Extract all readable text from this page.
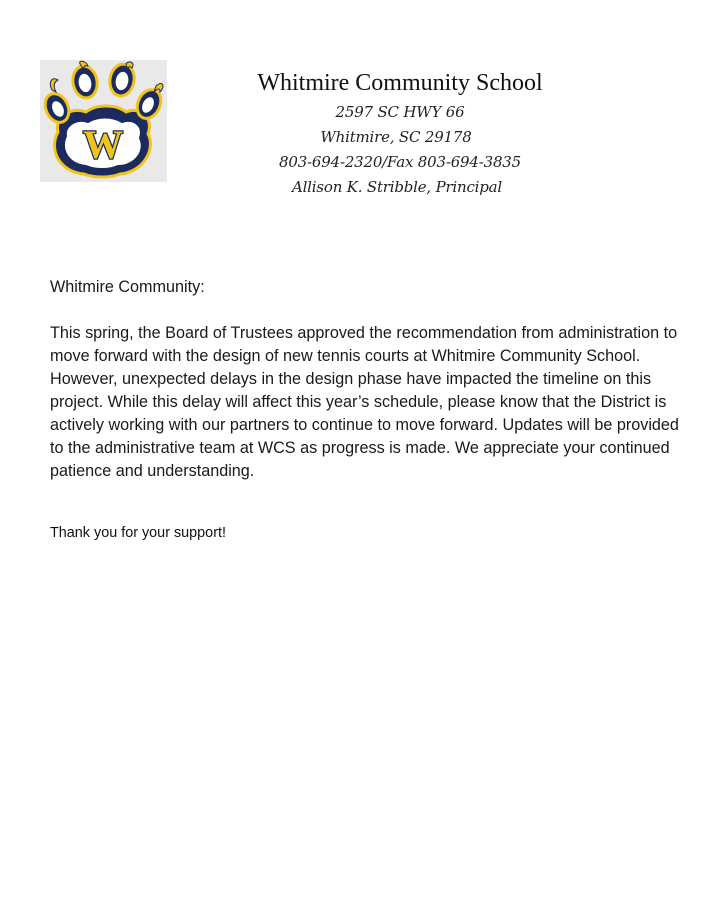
W
Whitmire Community School

2597 SC HWY 66

Whitmire, SC 29178

803-694-2320/Fax 803-694-3835

Allison K. Stribble, Principal

Whitmire Community:

This spring, the Board of Trustees approved the recommendation from administration to move forward with the design of new tennis courts at Whitmire Community School. However, unexpected delays in the design phase have impacted the timeline on this project. While this delay will affect this year’s schedule, please know that the District is actively working with our partners to continue to move forward. Updates will be provided to the administrative team at WCS as progress is made. We appreciate your continued patience and understanding.

Thank you for your support!
